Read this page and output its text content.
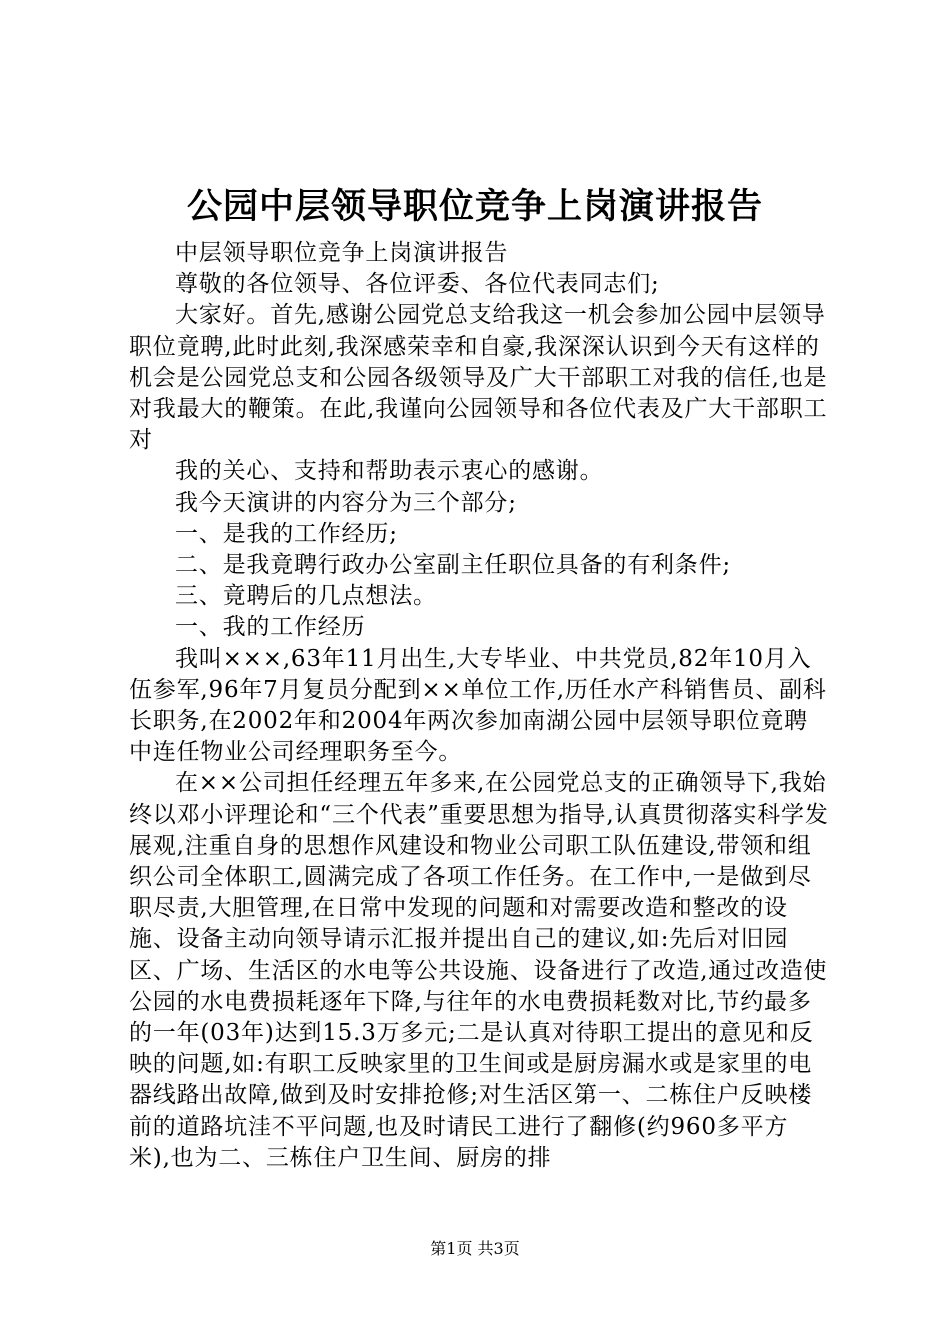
公园中层领导职位竞争上岗演讲报告

中层领导职位竞争上岗演讲报告

尊敬的各位领导、各位评委、各位代表同志们;

大家好。首先,感谢公园党总支给我这一机会参加公园中层领导职位竟聘,此时此刻,我深感荣幸和自豪,我深深认识到今天有这样的机会是公园党总支和公园各级领导及广大干部职工对我的信任,也是对我最大的鞭策。在此,我谨向公园领导和各位代表及广大干部职工对

我的关心、支持和帮助表示衷心的感谢。

我今天演讲的内容分为三个部分;

一、是我的工作经历;

二、是我竟聘行政办公室副主任职位具备的有利条件;

三、竟聘后的几点想法。

一、我的工作经历

我叫×××,63年11月出生,大专毕业、中共党员,82年10月入伍参军,96年7月复员分配到××单位工作,历任水产科销售员、副科长职务,在2002年和2004年两次参加南湖公园中层领导职位竟聘中连任物业公司经理职务至今。

在××公司担任经理五年多来,在公园党总支的正确领导下,我始终以邓小评理论和“三个代表”重要思想为指导,认真贯彻落实科学发展观,注重自身的思想作风建设和物业公司职工队伍建设,带领和组织公司全体职工,圆满完成了各项工作任务。在工作中,一是做到尽职尽责,大胆管理,在日常中发现的问题和对需要改造和整改的设施、设备主动向领导请示汇报并提出自己的建议,如:先后对旧园区、广场、生活区的水电等公共设施、设备进行了改造,通过改造使公园的水电费损耗逐年下降,与往年的水电费损耗数对比,节约最多的一年(03年)达到15.3万多元;二是认真对待职工提出的意见和反映的问题,如:有职工反映家里的卫生间或是厨房漏水或是家里的电器线路出故障,做到及时安排抢修;对生活区第一、二栋住户反映楼前的道路坑洼不平问题,也及时请民工进行了翻修(约960多平方米),也为二、三栋住户卫生间、厨房的排

第1页 共3页
